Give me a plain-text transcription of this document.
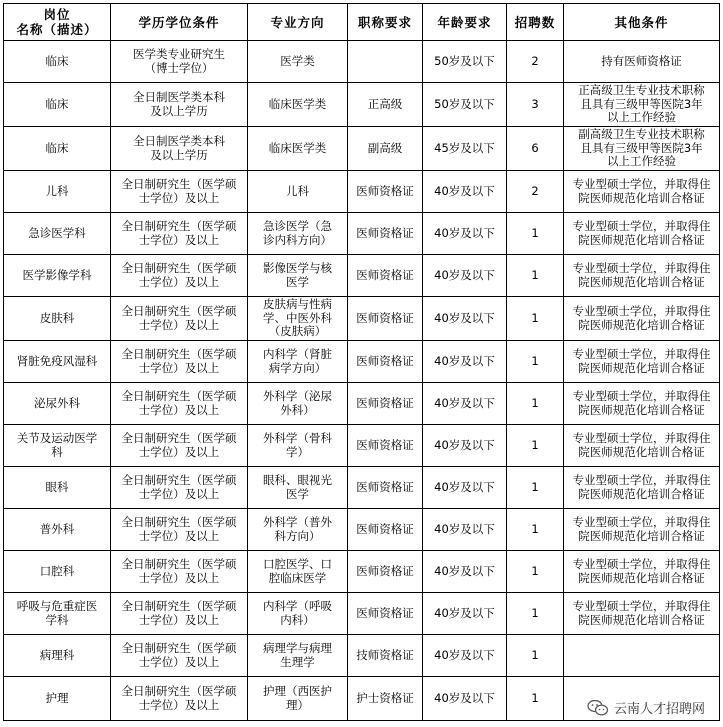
岗位
名称（描述）	学历学位条件	专业方向	职称要求	年龄要求	招聘数	其他条件
临床	医学类专业研究生
（博士学位）	医学类		50岁及以下	2	持有医师资格证
临床	全日制医学类本科
及以上学历	临床医学类	正高级	50岁及以下	3	正高级卫生专业技术职称
且具有三级甲等医院3年
以上工作经验
临床	全日制医学类本科
及以上学历	临床医学类	副高级	45岁及以下	6	副高级卫生专业技术职称
且具有三级甲等医院3年
以上工作经验
儿科	全日制研究生（医学硕
士学位）及以上	儿科	医师资格证	40岁及以下	2	专业型硕士学位，并取得住
院医师规范化培训合格证
急诊医学科	全日制研究生（医学硕
士学位）及以上	急诊医学（急
诊内科方向）	医师资格证	40岁及以下	1	专业型硕士学位，并取得住
院医师规范化培训合格证
医学影像学科	全日制研究生（医学硕
士学位）及以上	影像医学与核
医学	医师资格证	40岁及以下	1	专业型硕士学位，并取得住
院医师规范化培训合格证
皮肤科	全日制研究生（医学硕
士学位）及以上	皮肤病与性病
学、中医外科
（皮肤病）	医师资格证	40岁及以下	1	专业型硕士学位，并取得住
院医师规范化培训合格证
肾脏免疫风湿科	全日制研究生（医学硕
士学位）及以上	内科学（肾脏
病学方向）	医师资格证	40岁及以下	1	专业型硕士学位，并取得住
院医师规范化培训合格证
泌尿外科	全日制研究生（医学硕
士学位）及以上	外科学（泌尿
外科）	医师资格证	40岁及以下	1	专业型硕士学位，并取得住
院医师规范化培训合格证
关节及运动医学
科	全日制研究生（医学硕
士学位）及以上	外科学（骨科
学）	医师资格证	40岁及以下	1	专业型硕士学位，并取得住
院医师规范化培训合格证
眼科	全日制研究生（医学硕
士学位）及以上	眼科、眼视光
医学	医师资格证	40岁及以下	1	专业型硕士学位，并取得住
院医师规范化培训合格证
普外科	全日制研究生（医学硕
士学位）及以上	外科学（普外
科方向）	医师资格证	40岁及以下	1	专业型硕士学位，并取得住
院医师规范化培训合格证
口腔科	全日制研究生（医学硕
士学位）及以上	口腔医学、口
腔临床医学	医师资格证	40岁及以下	1	专业型硕士学位，并取得住
院医师规范化培训合格证
呼吸与危重症医
学科	全日制研究生（医学硕
士学位）及以上	内科学（呼吸
内科）	医师资格证	40岁及以下	1	专业型硕士学位，并取得住
院医师规范化培训合格证
病理科	全日制研究生（医学硕
士学位）及以上	病理学与病理
生理学	技师资格证	40岁及以下	1	
护理	全日制研究生（医学硕
士学位）及以上	护理（西医护
理）	护士资格证	40岁及以下	1	
云南人才招聘网
